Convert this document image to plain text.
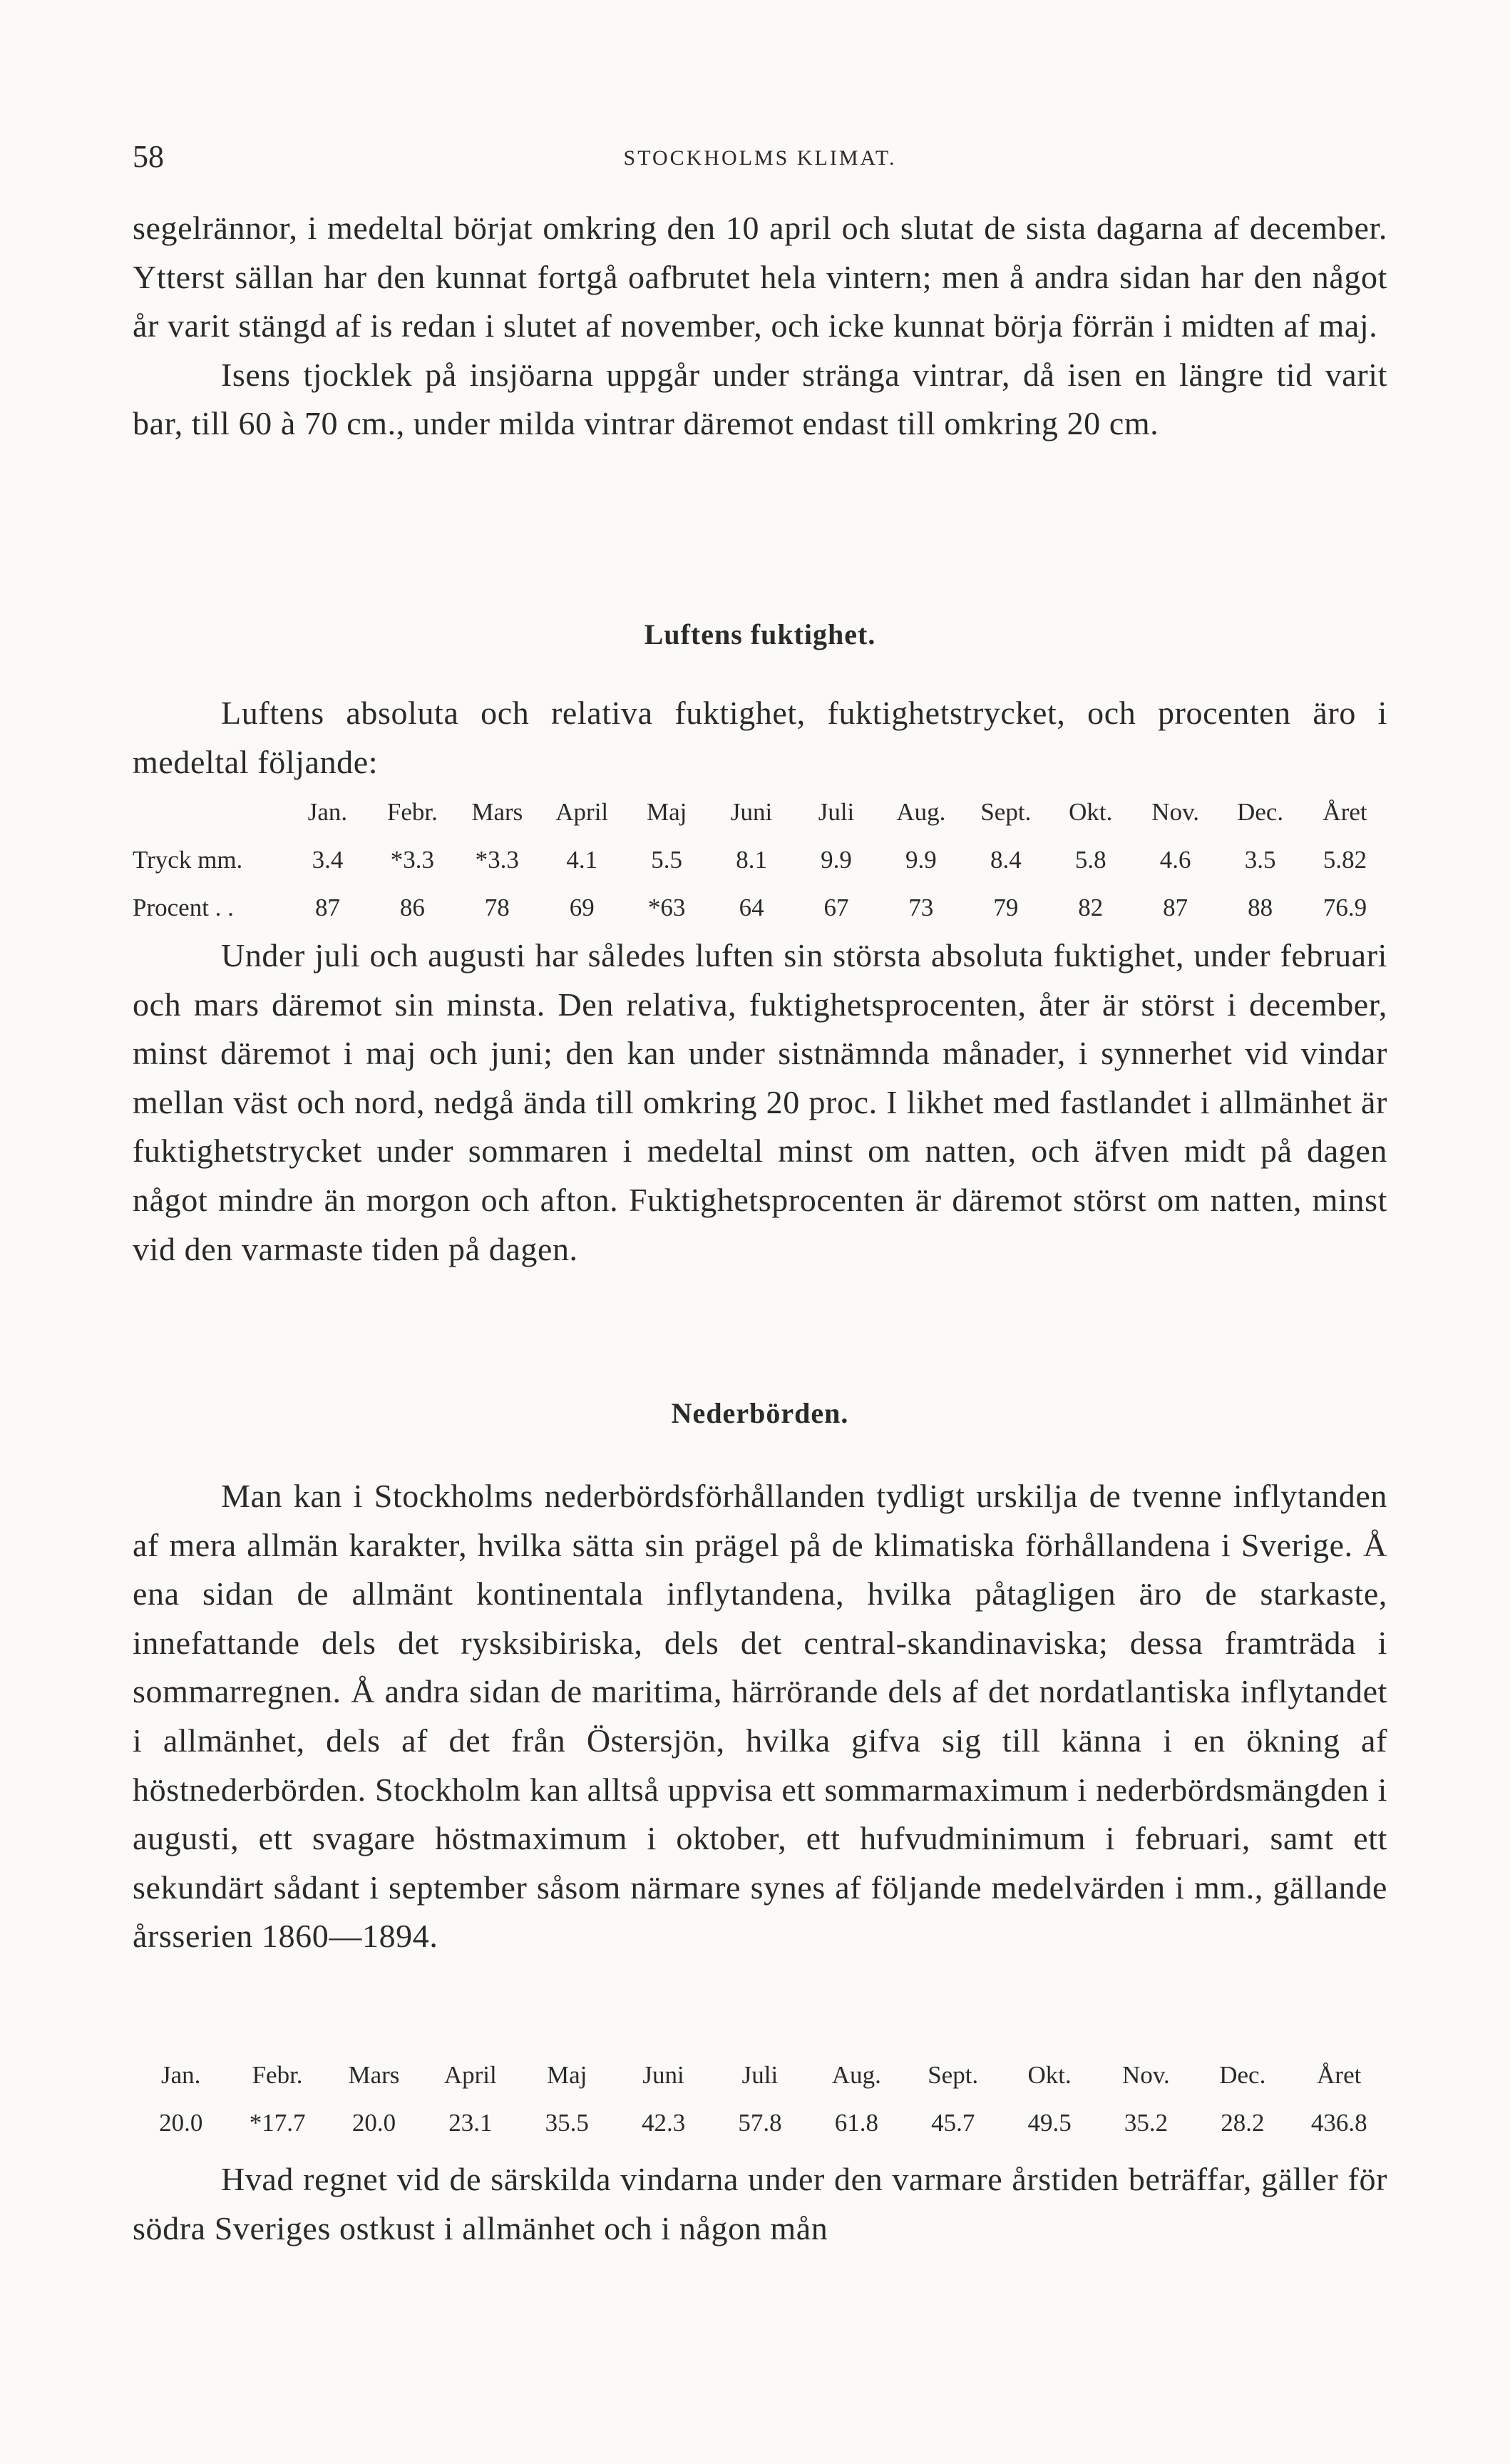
58	STOCKHOLMS KLIMAT.

segelrännor, i medeltal börjat omkring den 10 april och slutat de sista dagarna af december. Ytterst sällan har den kunnat fortgå oafbrutet hela vintern; men å andra sidan har den något år varit stängd af is redan i slutet af november, och icke kunnat börja förrän i midten af maj.

Isens tjocklek på insjöarna uppgår under stränga vintrar, då isen en längre tid varit bar, till 60 à 70 cm., under milda vintrar däremot endast till omkring 20 cm.

Luftens fuktighet.

Luftens absoluta och relativa fuktighet, fuktighetstrycket, och procenten äro i medeltal följande:

	Jan.	Febr.	Mars	April	Maj	Juni	Juli	Aug.	Sept.	Okt.	Nov.	Dec.	Året
Tryck mm.	3.4	*3.3	*3.3	4.1	5.5	8.1	9.9	9.9	8.4	5.8	4.6	3.5	5.82
Procent . .	87	86	78	69	*63	64	67	73	79	82	87	88	76.9

Under juli och augusti har således luften sin största absoluta fuktighet, under februari och mars däremot sin minsta. Den relativa, fuktighetsprocenten, åter är störst i december, minst däremot i maj och juni; den kan under sistnämnda månader, i synnerhet vid vindar mellan väst och nord, nedgå ända till omkring 20 proc. I likhet med fastlandet i allmänhet är fuktighetstrycket under sommaren i medeltal minst om natten, och äfven midt på dagen något mindre än morgon och afton. Fuktighetsprocenten är däremot störst om natten, minst vid den varmaste tiden på dagen.

Nederbörden.

Man kan i Stockholms nederbördsförhållanden tydligt urskilja de tvenne inflytanden af mera allmän karakter, hvilka sätta sin prägel på de klimatiska förhållandena i Sverige. Å ena sidan de allmänt kontinentala inflytandena, hvilka påtagligen äro de starkaste, innefattande dels det rysksibiriska, dels det central-skandinaviska; dessa framträda i sommarregnen. Å andra sidan de maritima, härrörande dels af det nordatlantiska inflytandet i allmänhet, dels af det från Östersjön, hvilka gifva sig till känna i en ökning af höstnederbörden. Stockholm kan alltså uppvisa ett sommarmaximum i nederbördsmängden i augusti, ett svagare höstmaximum i oktober, ett hufvudminimum i februari, samt ett sekundärt sådant i september såsom närmare synes af följande medelvärden i mm., gällande årsserien 1860—1894.

Jan.	Febr.	Mars	April	Maj	Juni	Juli	Aug.	Sept.	Okt.	Nov.	Dec.	Året
20.0	*17.7	20.0	23.1	35.5	42.3	57.8	61.8	45.7	49.5	35.2	28.2	436.8

Hvad regnet vid de särskilda vindarna under den varmare årstiden beträffar, gäller för södra Sveriges ostkust i allmänhet och i någon mån
